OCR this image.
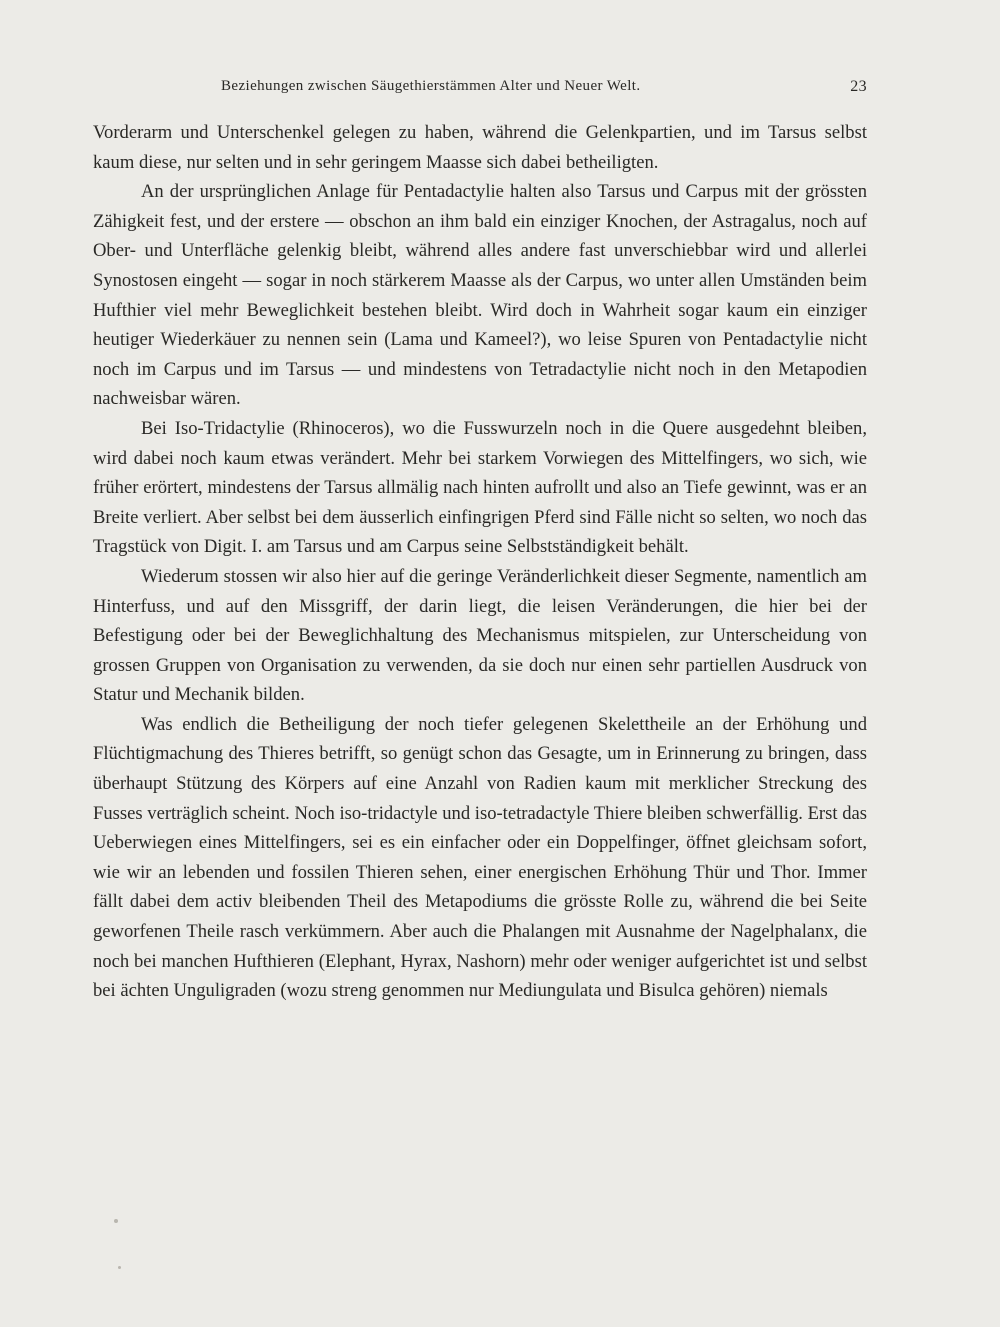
Beziehungen zwischen Säugethierstämmen Alter und Neuer Welt.	23

Vorderarm und Unterschenkel gelegen zu haben, während die Gelenkpartien, und im Tarsus selbst kaum diese, nur selten und in sehr geringem Maasse sich dabei betheiligten.

An der ursprünglichen Anlage für Pentadactylie halten also Tarsus und Carpus mit der grössten Zähigkeit fest, und der erstere — obschon an ihm bald ein einziger Knochen, der Astragalus, noch auf Ober- und Unterfläche gelenkig bleibt, während alles andere fast unverschiebbar wird und allerlei Synostosen eingeht — sogar in noch stärkerem Maasse als der Carpus, wo unter allen Umständen beim Hufthier viel mehr Beweglichkeit bestehen bleibt. Wird doch in Wahrheit sogar kaum ein einziger heutiger Wiederkäuer zu nennen sein (Lama und Kameel?), wo leise Spuren von Pentadactylie nicht noch im Carpus und im Tarsus — und mindestens von Tetradactylie nicht noch in den Metapodien nachweisbar wären.

Bei Iso-Tridactylie (Rhinoceros), wo die Fusswurzeln noch in die Quere ausgedehnt bleiben, wird dabei noch kaum etwas verändert. Mehr bei starkem Vorwiegen des Mittelfingers, wo sich, wie früher erörtert, mindestens der Tarsus allmälig nach hinten aufrollt und also an Tiefe gewinnt, was er an Breite verliert. Aber selbst bei dem äusserlich einfingrigen Pferd sind Fälle nicht so selten, wo noch das Tragstück von Digit. I. am Tarsus und am Carpus seine Selbstständigkeit behält.

Wiederum stossen wir also hier auf die geringe Veränderlichkeit dieser Segmente, namentlich am Hinterfuss, und auf den Missgriff, der darin liegt, die leisen Veränderungen, die hier bei der Befestigung oder bei der Beweglichhaltung des Mechanismus mitspielen, zur Unterscheidung von grossen Gruppen von Organisation zu verwenden, da sie doch nur einen sehr partiellen Ausdruck von Statur und Mechanik bilden.

Was endlich die Betheiligung der noch tiefer gelegenen Skelettheile an der Erhöhung und Flüchtigmachung des Thieres betrifft, so genügt schon das Gesagte, um in Erinnerung zu bringen, dass überhaupt Stützung des Körpers auf eine Anzahl von Radien kaum mit merklicher Streckung des Fusses verträglich scheint. Noch iso-tridactyle und iso-tetradactyle Thiere bleiben schwerfällig. Erst das Ueberwiegen eines Mittelfingers, sei es ein einfacher oder ein Doppelfinger, öffnet gleichsam sofort, wie wir an lebenden und fossilen Thieren sehen, einer energischen Erhöhung Thür und Thor. Immer fällt dabei dem activ bleibenden Theil des Metapodiums die grösste Rolle zu, während die bei Seite geworfenen Theile rasch verkümmern. Aber auch die Phalangen mit Ausnahme der Nagelphalanx, die noch bei manchen Hufthieren (Elephant, Hyrax, Nashorn) mehr oder weniger aufgerichtet ist und selbst bei ächten Unguligraden (wozu streng genommen nur Mediungulata und Bisulca gehören) niemals
